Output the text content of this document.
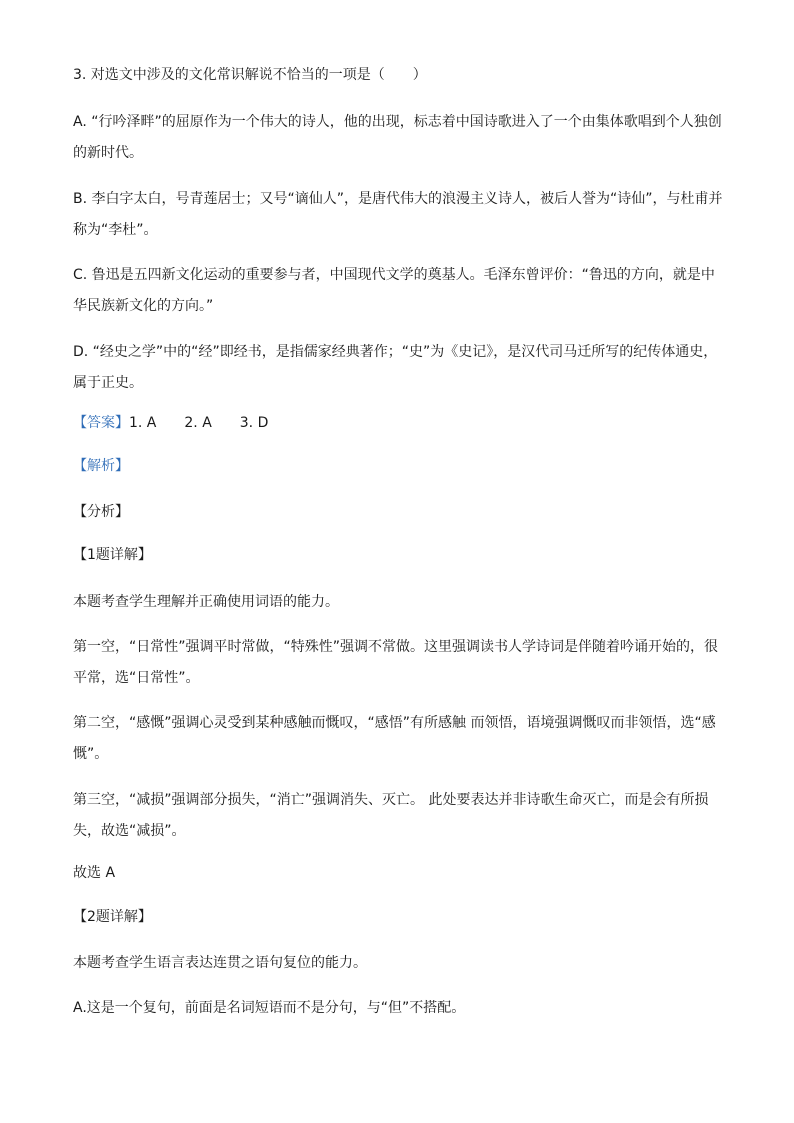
3. 对选文中涉及的文化常识解说不恰当的一项是（　　）

A. “行吟泽畔”的屈原作为一个伟大的诗人，他的出现，标志着中国诗歌进入了一个由集体歌唱到个人独创的新时代。

B. 李白字太白，号青莲居士；又号“谪仙人”，是唐代伟大的浪漫主义诗人，被后人誉为“诗仙”，与杜甫并称为“李杜”。

C. 鲁迅是五四新文化运动的重要参与者，中国现代文学的奠基人。毛泽东曾评价：“鲁迅的方向，就是中华民族新文化的方向。”

D. “经史之学”中的“经”即经书，是指儒家经典著作；“史”为《史记》，是汉代司马迁所写的纪传体通史，属于正史。

【答案】1. A　　2. A　　3. D

【解析】

【分析】

【1题详解】

本题考查学生理解并正确使用词语的能力。

第一空，“日常性”强调平时常做，“特殊性”强调不常做。这里强调读书人学诗词是伴随着吟诵开始的，很平常，选“日常性”。

第二空，“感慨”强调心灵受到某种感触而慨叹，“感悟”有所感触 而领悟，语境强调慨叹而非领悟，选“感慨”。

第三空，“减损”强调部分损失，“消亡”强调消失、灭亡。 此处要表达并非诗歌生命灭亡，而是会有所损失，故选“减损”。

故选 A

【2题详解】

本题考查学生语言表达连贯之语句复位的能力。

A.这是一个复句，前面是名词短语而不是分句，与“但”不搭配。
